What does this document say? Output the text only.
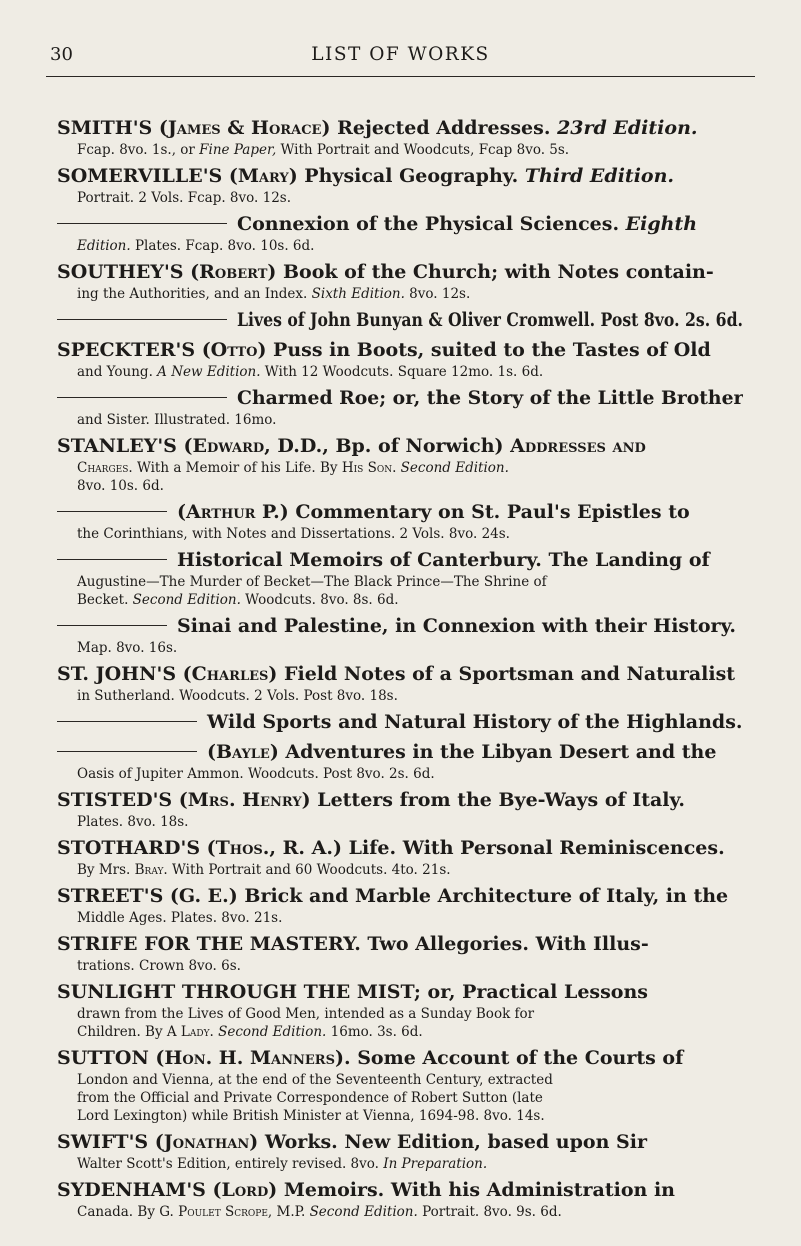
30	LIST OF WORKS
SMITH'S (James & Horace) Rejected Addresses. 23rd Edition.
Fcap. 8vo. 1s., or Fine Paper, With Portrait and Woodcuts, Fcap 8vo. 5s.
SOMERVILLE'S (Mary) Physical Geography. Third Edition.
Portrait. 2 Vols. Fcap. 8vo. 12s.
Connexion of the Physical Sciences. Eighth
Edition. Plates. Fcap. 8vo. 10s. 6d.
SOUTHEY'S (Robert) Book of the Church; with Notes contain-
ing the Authorities, and an Index. Sixth Edition. 8vo. 12s.
Lives of John Bunyan & Oliver Cromwell. Post 8vo. 2s. 6d.
SPECKTER'S (Otto) Puss in Boots, suited to the Tastes of Old
and Young. A New Edition. With 12 Woodcuts. Square 12mo. 1s. 6d.
Charmed Roe; or, the Story of the Little Brother
and Sister. Illustrated. 16mo.
STANLEY'S (Edward, D.D., Bp. of Norwich) Addresses and
Charges. With a Memoir of his Life. By His Son. Second Edition.
8vo. 10s. 6d.
(Arthur P.) Commentary on St. Paul's Epistles to
the Corinthians, with Notes and Dissertations. 2 Vols. 8vo. 24s.
Historical Memoirs of Canterbury. The Landing of
Augustine—The Murder of Becket—The Black Prince—The Shrine of
Becket. Second Edition. Woodcuts. 8vo. 8s. 6d.
Sinai and Palestine, in Connexion with their History.
Map. 8vo. 16s.
ST. JOHN'S (Charles) Field Notes of a Sportsman and Naturalist
in Sutherland. Woodcuts. 2 Vols. Post 8vo. 18s.
Wild Sports and Natural History of the Highlands.
(Bayle) Adventures in the Libyan Desert and the
Oasis of Jupiter Ammon. Woodcuts. Post 8vo. 2s. 6d.
STISTED'S (Mrs. Henry) Letters from the Bye-Ways of Italy.
Plates. 8vo. 18s.
STOTHARD'S (Thos., R. A.) Life. With Personal Reminiscences.
By Mrs. Bray. With Portrait and 60 Woodcuts. 4to. 21s.
STREET'S (G. E.) Brick and Marble Architecture of Italy, in the
Middle Ages. Plates. 8vo. 21s.
STRIFE FOR THE MASTERY. Two Allegories. With Illus-
trations. Crown 8vo. 6s.
SUNLIGHT THROUGH THE MIST; or, Practical Lessons
drawn from the Lives of Good Men, intended as a Sunday Book for
Children. By A Lady. Second Edition. 16mo. 3s. 6d.
SUTTON (Hon. H. Manners). Some Account of the Courts of
London and Vienna, at the end of the Seventeenth Century, extracted
from the Official and Private Correspondence of Robert Sutton (late
Lord Lexington) while British Minister at Vienna, 1694-98. 8vo. 14s.
SWIFT'S (Jonathan) Works. New Edition, based upon Sir
Walter Scott's Edition, entirely revised. 8vo. In Preparation.
SYDENHAM'S (Lord) Memoirs. With his Administration in
Canada. By G. Poulet Scrope, M.P. Second Edition. Portrait. 8vo. 9s. 6d.
